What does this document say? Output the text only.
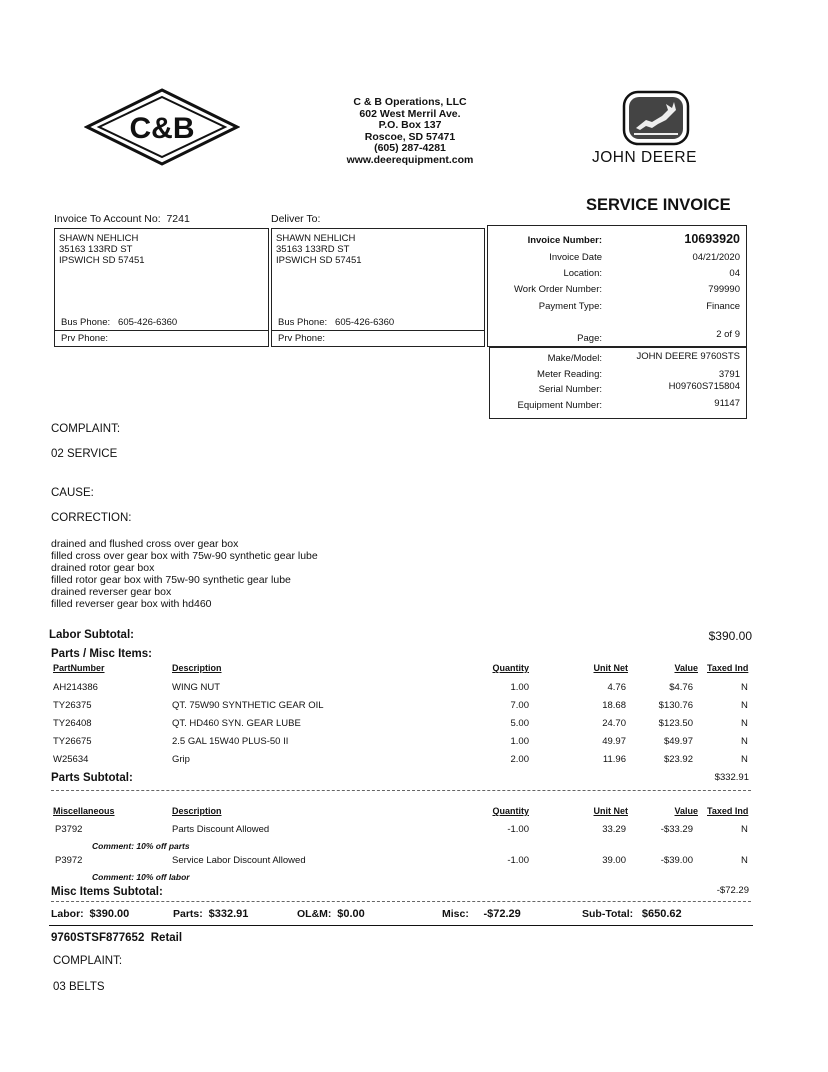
C&B
C & B Operations, LLC
602 West Merril Ave.
P.O. Box 137
Roscoe, SD 57471
(605) 287-4281
www.deerequipment.com	JOHN DEERE
SERVICE INVOICE
Invoice To Account No: 7241
SHAWN NEHLICH
35163 133RD ST
IPSWICH SD 57451
Bus Phone: 605-426-6360
Prv Phone:
Deliver To:
SHAWN NEHLICH
35163 133RD ST
IPSWICH SD 57451
Bus Phone: 605-426-6360
Prv Phone:
Invoice Number:	10693920
Invoice Date	04/21/2020
Location:	04
Work Order Number:	799990
Payment Type:	Finance
Page:	2 of 9
Make/Model:	JOHN DEERE 9760STS
Meter Reading:	3791
Serial Number:	H09760S715804
Equipment Number:	91147
COMPLAINT:
02 SERVICE
CAUSE:
CORRECTION:
drained and flushed cross over gear box
filled cross over gear box with 75w-90 synthetic gear lube
drained rotor gear box
filled rotor gear box with 75w-90 synthetic gear lube
drained reverser gear box
filled reverser gear box with hd460
Labor Subtotal:	$390.00
Parts / Misc Items:
PartNumber	Description	Quantity	Unit Net	Value Taxed Ind
AH214386	WING NUT	1.00	4.76	$4.76	N
TY26375	QT. 75W90 SYNTHETIC GEAR OIL	7.00	18.68	$130.76	N
TY26408	QT. HD460 SYN. GEAR LUBE	5.00	24.70	$123.50	N
TY26675	2.5 GAL 15W40 PLUS-50 II	1.00	49.97	$49.97	N
W25634	Grip	2.00	11.96	$23.92	N
Parts Subtotal:	$332.91
Miscellaneous	Description	Quantity	Unit Net	Value Taxed Ind
P3792	Parts Discount Allowed	-1.00	33.29	-$33.29	N
Comment: 10% off parts
P3972	Service Labor Discount Allowed	-1.00	39.00	-$39.00	N
Comment: 10% off labor
Misc Items Subtotal:	-$72.29
Labor: $390.00	Parts: $332.91	OL&M: $0.00	Misc: -$72.29	Sub-Total: $650.62
9760STSF877652  Retail
COMPLAINT:
03 BELTS
